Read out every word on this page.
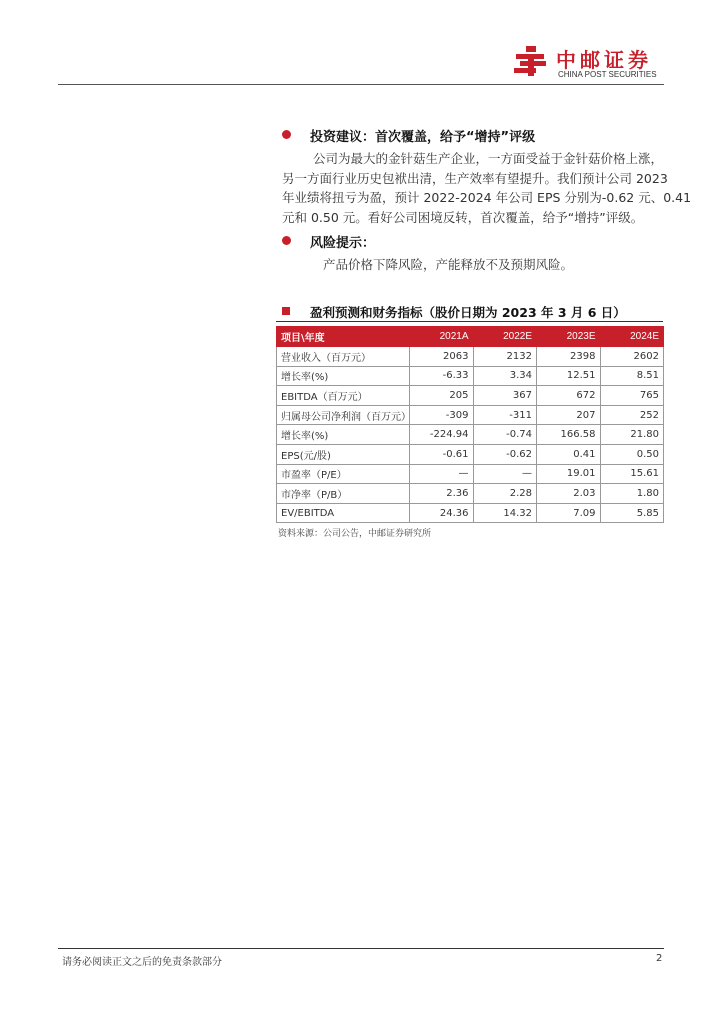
中邮证券
CHINA POST SECURITIES
投资建议：首次覆盖，给予“增持”评级
公司为最大的金针菇生产企业，一方面受益于金针菇价格上涨，
另一方面行业历史包袱出清，生产效率有望提升。我们预计公司 2023
年业绩将扭亏为盈，预计 2022-2024 年公司 EPS 分别为-0.62 元、0.41
元和 0.50 元。看好公司困境反转，首次覆盖，给予“增持”评级。
风险提示：
产品价格下降风险，产能释放不及预期风险。
盈利预测和财务指标（股价日期为 2023 年 3 月 6 日）
项目\年度	2021A	2022E	2023E	2024E
营业收入（百万元）	2063	2132	2398	2602
增长率(%)	-6.33	3.34	12.51	8.51
EBITDA（百万元）	205	367	672	765
归属母公司净利润（百万元）	-309	-311	207	252
增长率(%)	-224.94	-0.74	166.58	21.80
EPS(元/股)	-0.61	-0.62	0.41	0.50
市盈率（P/E）	—	—	19.01	15.61
市净率（P/B）	2.36	2.28	2.03	1.80
EV/EBITDA	24.36	14.32	7.09	5.85
资料来源：公司公告，中邮证券研究所
请务必阅读正文之后的免责条款部分	2
